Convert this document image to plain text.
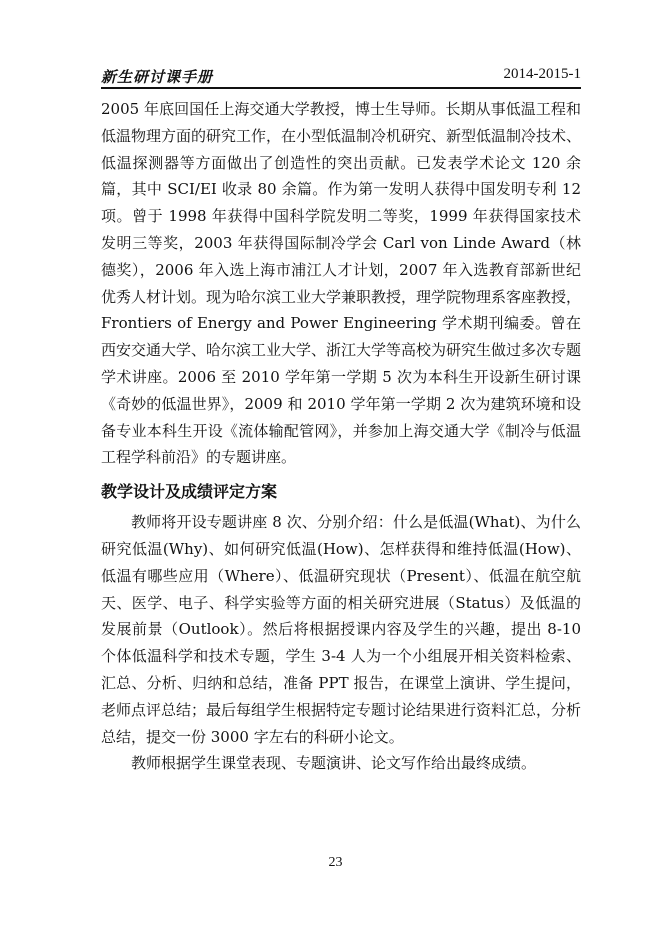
新生研讨课手册	2014-2015-1

2005 年底回国任上海交通大学教授，博士生导师。长期从事低温工程和低温物理方面的研究工作，在小型低温制冷机研究、新型低温制冷技术、低温探测器等方面做出了创造性的突出贡献。已发表学术论文 120 余篇，其中 SCI/EI 收录 80 余篇。作为第一发明人获得中国发明专利 12 项。曾于 1998 年获得中国科学院发明二等奖，1999 年获得国家技术发明三等奖，2003 年获得国际制冷学会 Carl von Linde Award（林德奖），2006 年入选上海市浦江人才计划，2007 年入选教育部新世纪优秀人材计划。现为哈尔滨工业大学兼职教授，理学院物理系客座教授，Frontiers of Energy and Power Engineering 学术期刊编委。曾在西安交通大学、哈尔滨工业大学、浙江大学等高校为研究生做过多次专题学术讲座。2006 至 2010 学年第一学期 5 次为本科生开设新生研讨课《奇妙的低温世界》，2009 和 2010 学年第一学期 2 次为建筑环境和设备专业本科生开设《流体输配管网》，并参加上海交通大学《制冷与低温工程学科前沿》的专题讲座。

教学设计及成绩评定方案

教师将开设专题讲座 8 次、分别介绍：什么是低温(What)、为什么研究低温(Why)、如何研究低温(How)、怎样获得和维持低温(How)、低温有哪些应用（Where）、低温研究现状（Present）、低温在航空航天、医学、电子、科学实验等方面的相关研究进展（Status）及低温的发展前景（Outlook）。然后将根据授课内容及学生的兴趣，提出 8-10 个体低温科学和技术专题，学生 3-4 人为一个小组展开相关资料检索、汇总、分析、归纳和总结，准备 PPT 报告，在课堂上演讲、学生提问，老师点评总结；最后每组学生根据特定专题讨论结果进行资料汇总，分析总结，提交一份 3000 字左右的科研小论文。

教师根据学生课堂表现、专题演讲、论文写作给出最终成绩。

23
